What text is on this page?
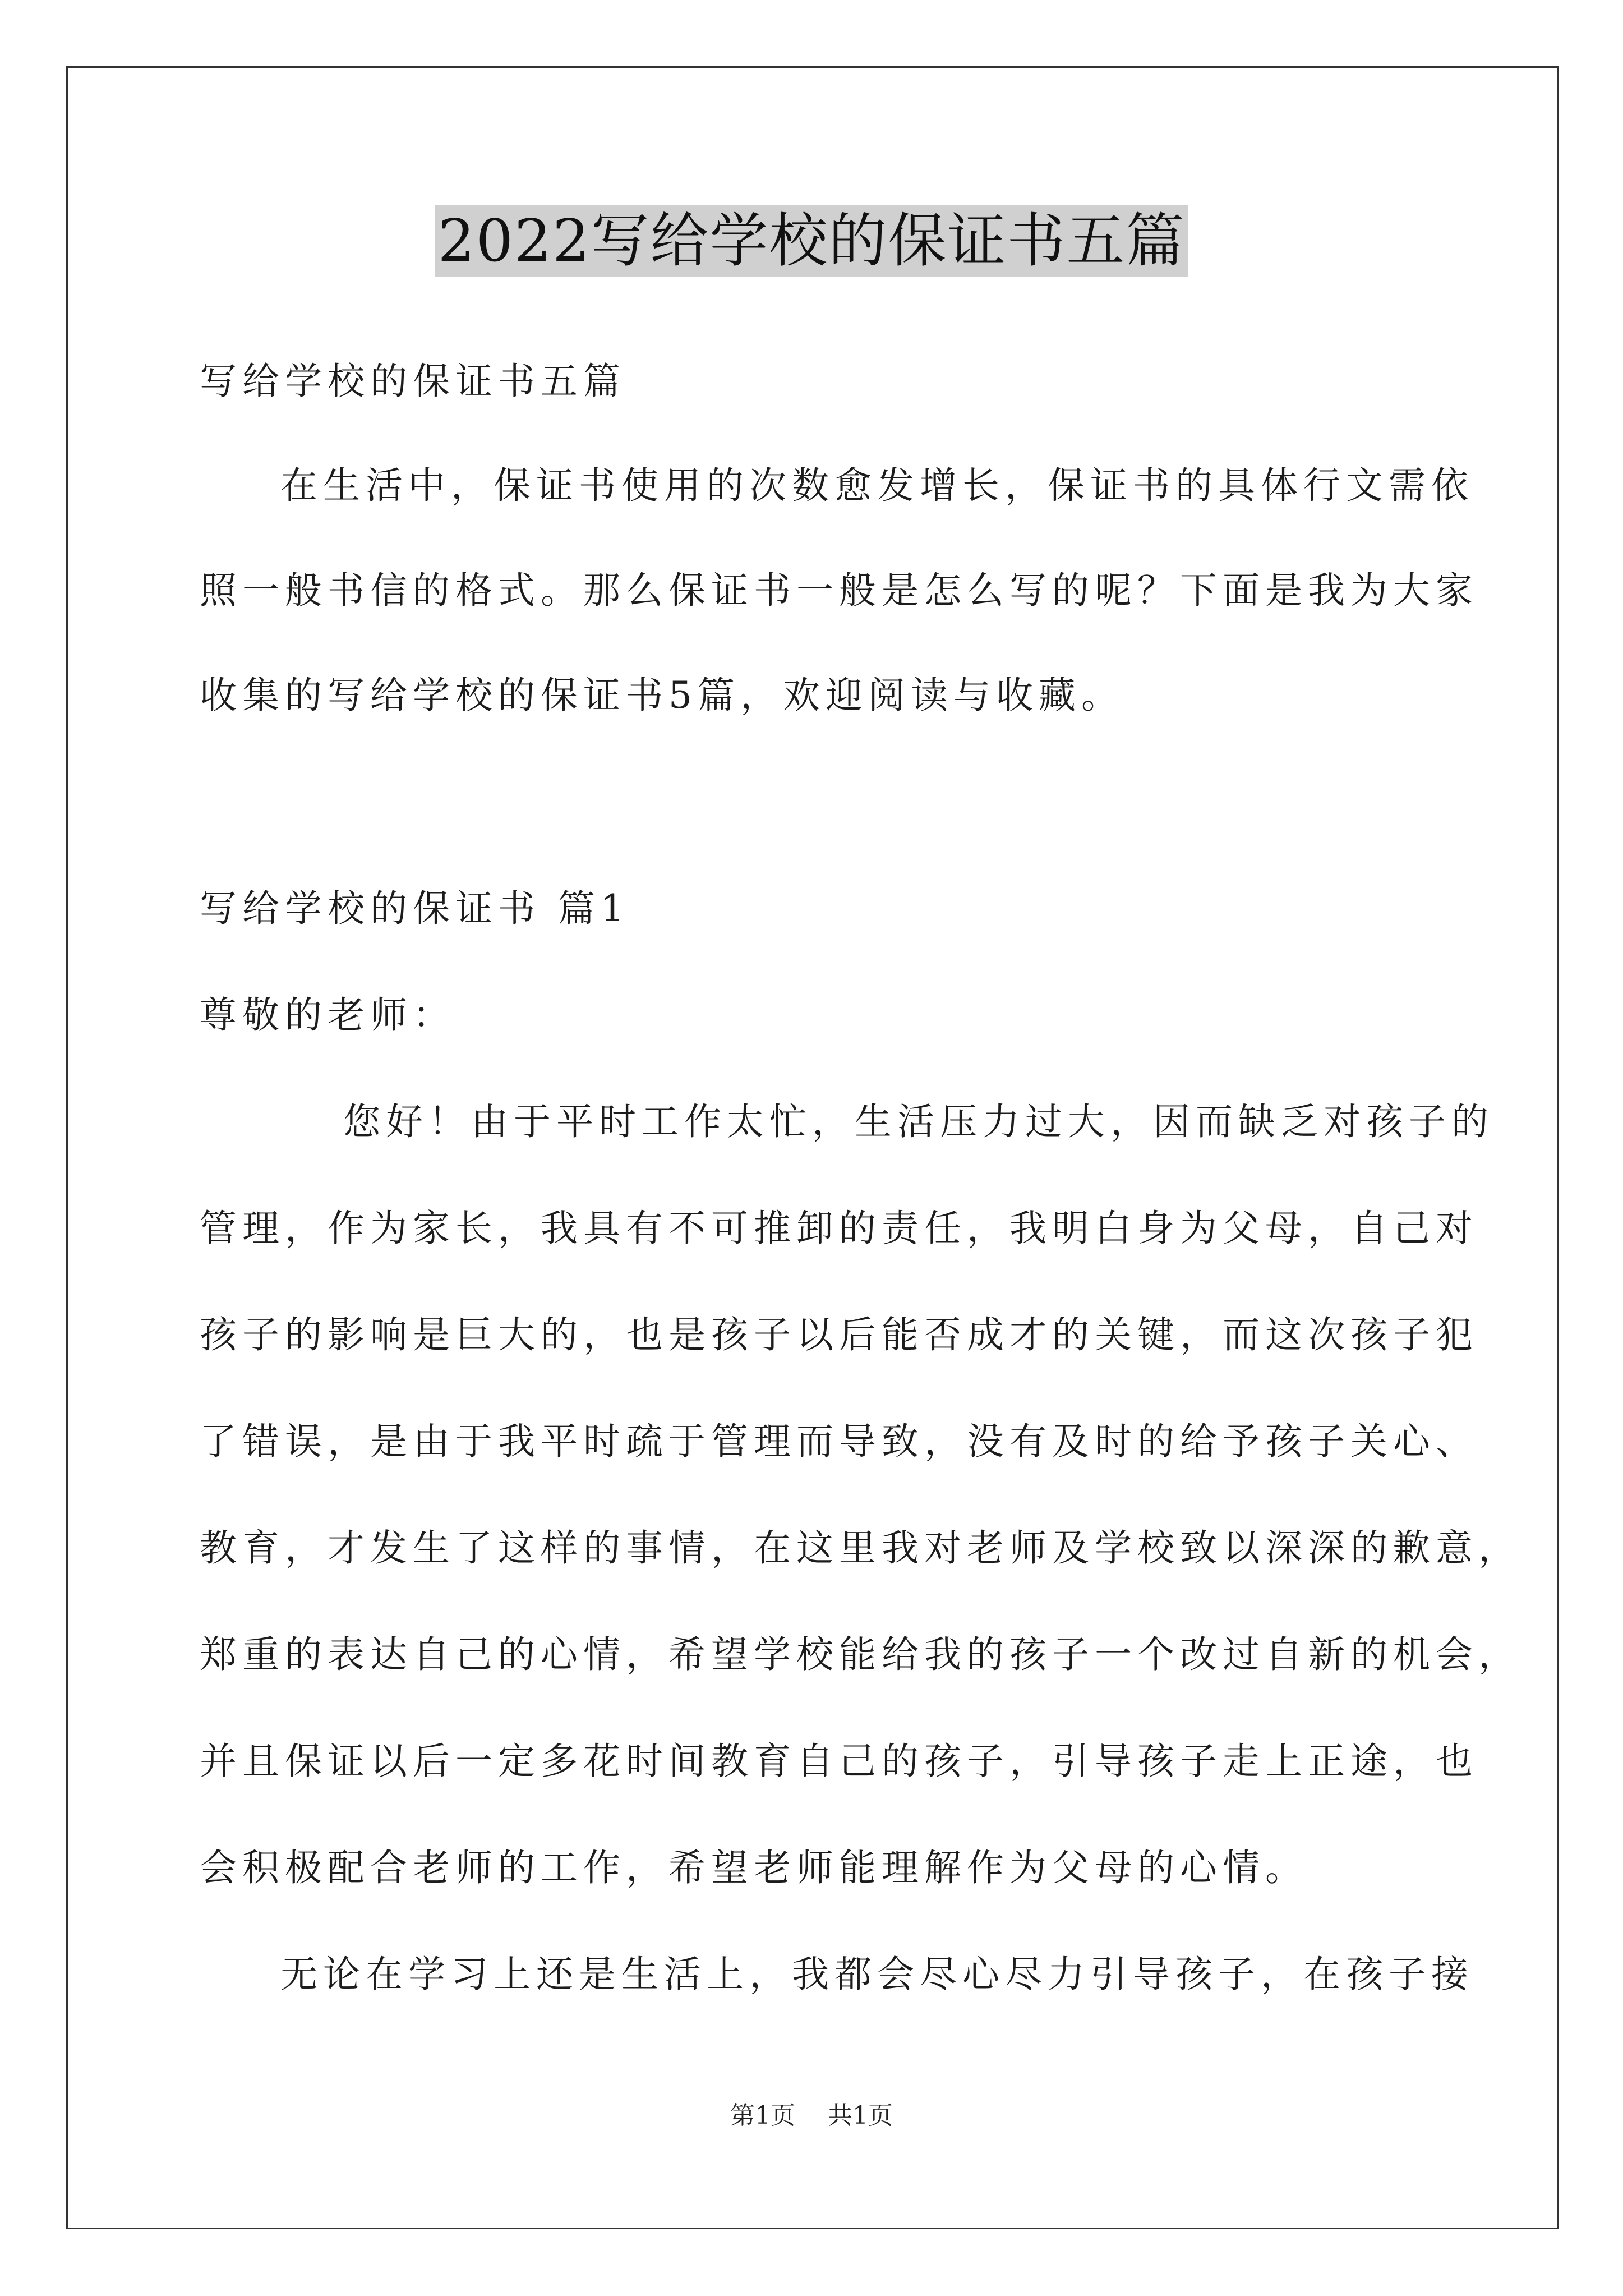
2022写给学校的保证书五篇
写给学校的保证书五篇
在生活中，保证书使用的次数愈发增长，保证书的具体行文需依
照一般书信的格式。那么保证书一般是怎么写的呢？下面是我为大家
收集的写给学校的保证书5篇，欢迎阅读与收藏。
写给学校的保证书 篇1
尊敬的老师：
您好！由于平时工作太忙，生活压力过大，因而缺乏对孩子的
管理，作为家长，我具有不可推卸的责任，我明白身为父母，自己对
孩子的影响是巨大的，也是孩子以后能否成才的关键，而这次孩子犯
了错误，是由于我平时疏于管理而导致，没有及时的给予孩子关心、
教育，才发生了这样的事情，在这里我对老师及学校致以深深的歉意，
郑重的表达自己的心情，希望学校能给我的孩子一个改过自新的机会，
并且保证以后一定多花时间教育自己的孩子，引导孩子走上正途，也
会积极配合老师的工作，希望老师能理解作为父母的心情。
无论在学习上还是生活上，我都会尽心尽力引导孩子，在孩子接
第1页 共1页
